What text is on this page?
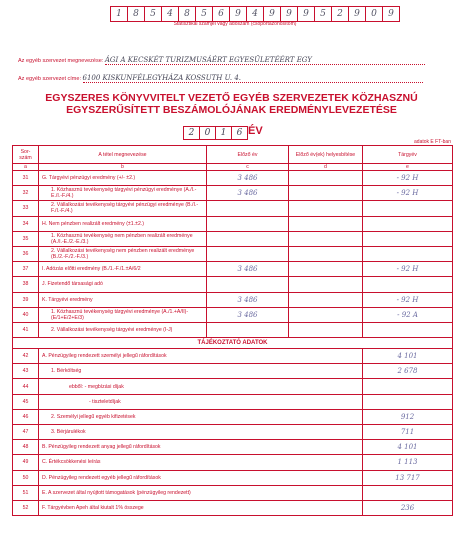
1	8	5	4	8	5	6	9	4	9	9	9	5	2	9	0	9
Statisztikai számjel vagy adószám (csoportazonosítóm)
Az egyéb szervezet megnevezése: ÁGI A KECSKÉT TURIZMUSÁÉRT EGYESÜLETÉÉRT EGY
Az egyéb szervezet címe: 6100 KISKUNFÉLEGYHÁZA KOSSUTH U. 4.
EGYSZERES KÖNYVVITELT VEZETŐ EGYÉB SZERVEZETEK KÖZHASZNÚ
EGYSZERŰSÍTETT BESZÁMOLÓJÁNAK EREDMÉNYLEVEZETÉSE
2	0	1	6 ÉV
adatok E FT-ban
Sor- szám	A tétel megnevezése	Előző év	Előző év(ek) helyesbítése	Tárgyév
a	b	c	d	e
31	G. Tárgyévi pénzügyi eredmény (+/- ±2.)	3 486		- 92 H
32	1. Közhasznú tevékenység tárgyévi pénzügyi eredménye (A./I.-E./I.-F./4.)	3 486		- 92 H
33	2. Vállalkozási tevékenység tárgyévi pénzügyi eredménye (B./I.-F./I.-F./4.)			
34	H. Nem pénzben realizált eredmény (±1.±2.)			
35	1. Közhasznú tevékenység nem pénzben realizált eredménye (A./I.-E./2.-E./3.)			
36	2. Vállalkozási tevékenység nem pénzben realizált eredménye (B./2.-F./2.-F./3.)			
37	I. Adózás előtti eredmény (B./1.-F./1.±A/6/2	3 486		- 92 H
38	J. Fizetendő társasági adó			
39	K. Tárgyévi eredmény	3 486		- 92 H
40	1. Közhasznú tevékenység tárgyévi eredménye (A./1.+A/II)-(E/1+E/2+E/3)	3 486		- 92 A
41	2. Vállalkozási tevékenység tárgyévi eredménye (I-J)			
TÁJÉKOZTATÓ ADATOK				
42	A. Pénzügyileg rendezett személyi jellegű ráfordítások			4 101
43	1. Bérköltség			2 678
44	ebből: - megbízási díjak			
45	- tiszteletdíjak			
46	2. Személyi jellegű egyéb kifizetések			912
47	3. Bérjárulékok			711
48	B. Pénzügyileg rendezett anyag jellegű ráfordítások			4 101
49	C. Értékcsökkenési leírás			1 113
50	D. Pénzügyileg rendezett egyéb jellegű ráfordítások			13 717
51	E. A szervezet által nyújtott támogatások (pénzügyileg rendezett)			
52	F. Tárgyévben Apeh által kiutalt 1% összege			236
